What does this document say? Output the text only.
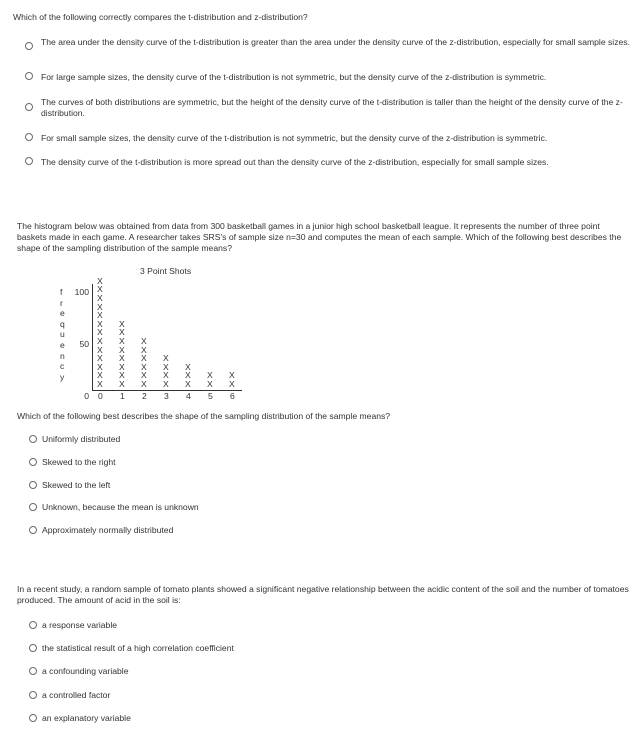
Which of the following correctly compares the t-distribution and z-distribution?
The area under the density curve of the t-distribution is greater than the area under the density curve of the z-distribution, especially for small sample sizes.
For large sample sizes, the density curve of the t-distribution is not symmetric, but the density curve of the z-distribution is symmetric.
The curves of both distributions are symmetric, but the height of the density curve of the t-distribution is taller than the height of the density curve of the z-distribution.
For small sample sizes, the density curve of the t-distribution is not symmetric, but the density curve of the z-distribution is symmetric.
The density curve of the t-distribution is more spread out than the density curve of the z-distribution, especially for small sample sizes.
The histogram below was obtained from data from 300 basketball games in a junior high school basketball league. It represents the number of three point baskets made in each game. A researcher takes SRS's of sample size n=30 and computes the mean of each sample. Which of the following best describes the shape of the sampling distribution of the sample means?
3 Point Shots
f
r
e
q
u
e
n
c
y
100
50
0
X
X
X
X
X
X
X
X
X
X
X
X
X
0
X
X
X
X
X
X
X
X
1
X
X
X
X
X
X
2
X
X
X
X
3
X
X
X
4
X
X
5
X
X
6
Which of the following best describes the shape of the sampling distribution of the sample means?
Uniformly distributed
Skewed to the right
Skewed to the left
Unknown, because the mean is unknown
Approximately normally distributed
In a recent study, a random sample of tomato plants showed a significant negative relationship between the acidic content of the soil and the number of tomatoes produced. The amount of acid in the soil is:
a response variable
the statistical result of a high correlation coefficient
a confounding variable
a controlled factor
an explanatory variable
